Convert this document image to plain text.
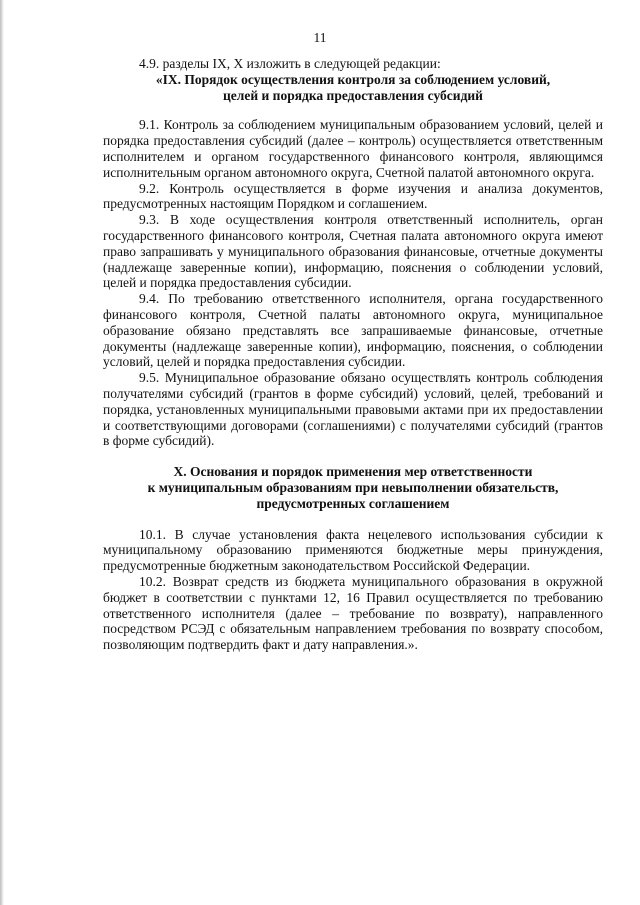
11

4.9. разделы IX, X изложить в следующей редакции:

«IX. Порядок осуществления контроля за соблюдением условий,

целей и порядка предоставления субсидий

9.1. Контроль за соблюдением муниципальным образованием условий, целей и порядка предоставления субсидий (далее – контроль) осуществляется ответственным исполнителем и органом государственного финансового контроля, являющимся исполнительным органом автономного округа, Счетной палатой автономного округа.

9.2. Контроль осуществляется в форме изучения и анализа документов, предусмотренных настоящим Порядком и соглашением.

9.3. В ходе осуществления контроля ответственный исполнитель, орган государственного финансового контроля, Счетная палата автономного округа имеют право запрашивать у муниципального образования финансовые, отчетные документы (надлежаще заверенные копии), информацию, пояснения о соблюдении условий, целей и порядка предоставления субсидии.

9.4. По требованию ответственного исполнителя, органа государственного финансового контроля, Счетной палаты автономного округа, муниципальное образование обязано представлять все запрашиваемые финансовые, отчетные документы (надлежаще заверенные копии), информацию, пояснения, о соблюдении условий, целей и порядка предоставления субсидии.

9.5. Муниципальное образование обязано осуществлять контроль соблюдения получателями субсидий (грантов в форме субсидий) условий, целей, требований и порядка, установленных муниципальными правовыми актами при их предоставлении и соответствующими договорами (соглашениями) с получателями субсидий (грантов в форме субсидий).

X. Основания и порядок применения мер ответственности

к муниципальным образованиям при невыполнении обязательств,

предусмотренных соглашением

10.1. В случае установления факта нецелевого использования субсидии к муниципальному образованию применяются бюджетные меры принуждения, предусмотренные бюджетным законодательством Российской Федерации.

10.2. Возврат средств из бюджета муниципального образования в окружной бюджет в соответствии с пунктами 12, 16 Правил осуществляется по требованию ответственного исполнителя (далее – требование по возврату), направленного посредством РСЭД с обязательным направлением требования по возврату способом, позволяющим подтвердить факт и дату направления.».
